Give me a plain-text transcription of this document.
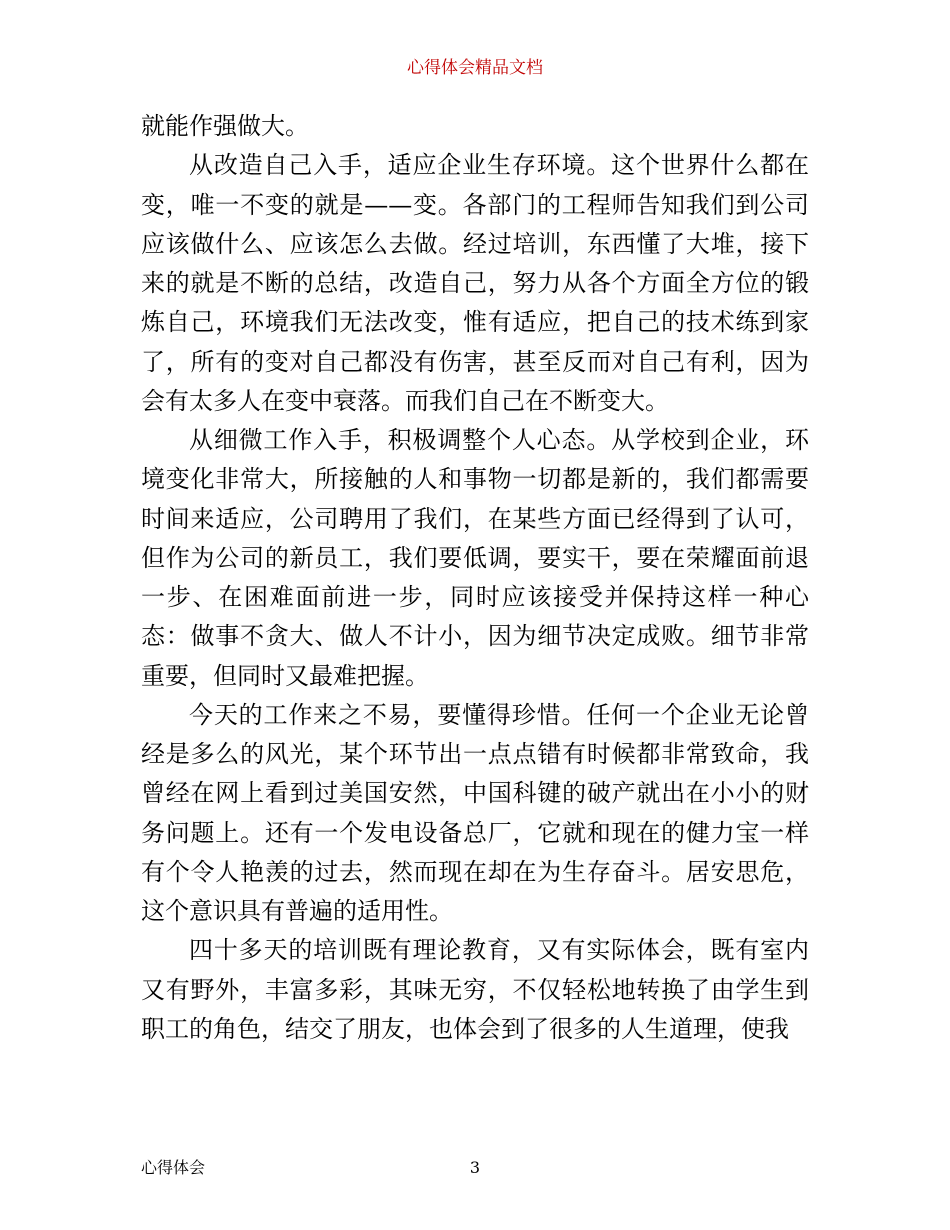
心得体会精品文档

就能作强做大。

从改造自己入手，适应企业生存环境。这个世界什么都在变，唯一不变的就是——变。各部门的工程师告知我们到公司应该做什么、应该怎么去做。经过培训，东西懂了大堆，接下来的就是不断的总结，改造自己，努力从各个方面全方位的锻炼自己，环境我们无法改变，惟有适应，把自己的技术练到家了，所有的变对自己都没有伤害，甚至反而对自己有利，因为会有太多人在变中衰落。而我们自己在不断变大。

从细微工作入手，积极调整个人心态。从学校到企业，环境变化非常大，所接触的人和事物一切都是新的，我们都需要时间来适应，公司聘用了我们，在某些方面已经得到了认可，但作为公司的新员工，我们要低调，要实干，要在荣耀面前退一步、在困难面前进一步，同时应该接受并保持这样一种心态：做事不贪大、做人不计小，因为细节决定成败。细节非常重要，但同时又最难把握。

今天的工作来之不易，要懂得珍惜。任何一个企业无论曾经是多么的风光，某个环节出一点点错有时候都非常致命，我曾经在网上看到过美国安然，中国科键的破产就出在小小的财务问题上。还有一个发电设备总厂，它就和现在的健力宝一样有个令人艳羡的过去，然而现在却在为生存奋斗。居安思危，这个意识具有普遍的适用性。

四十多天的培训既有理论教育，又有实际体会，既有室内又有野外，丰富多彩，其味无穷，不仅轻松地转换了由学生到职工的角色，结交了朋友，也体会到了很多的人生道理，使我

心得体会	3
